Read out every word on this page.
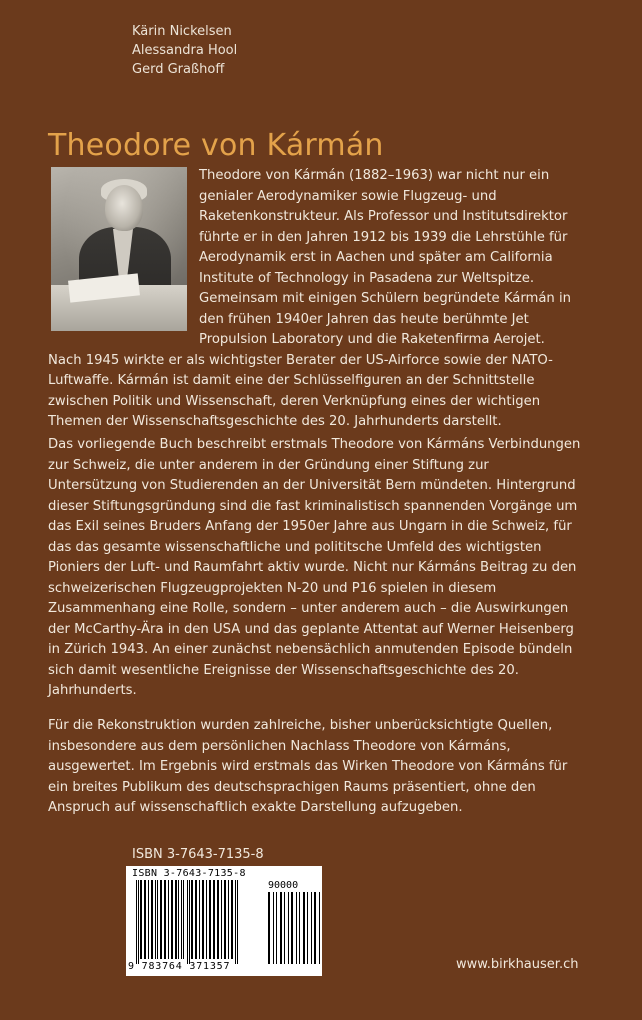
Kärin Nickelsen
Alessandra Hool
Gerd Graßhoff
Theodore von Kármán

Theodore von Kármán (1882–1963) war nicht nur ein genialer Aerodynamiker sowie Flugzeug- und Raketenkonstrukteur. Als Professor und Institutsdirektor führte er in den Jahren 1912 bis 1939 die Lehrstühle für Aerodynamik erst in Aachen und später am California Institute of Technology in Pasadena zur Weltspitze. Gemeinsam mit einigen Schülern begründete Kármán in den frühen 1940er Jahren das heute berühmte Jet Propulsion Laboratory und die Raketenfirma Aerojet. Nach 1945 wirkte er als wichtigster Berater der US-Airforce sowie der NATO-Luftwaffe. Kármán ist damit eine der Schlüsselfiguren an der Schnittstelle zwischen Politik und Wissenschaft, deren Verknüpfung eines der wichtigen Themen der Wissenschaftsgeschichte des 20. Jahrhunderts darstellt.

Das vorliegende Buch beschreibt erstmals Theodore von Kármáns Verbindungen zur Schweiz, die unter anderem in der Gründung einer Stiftung zur Untersützung von Studierenden an der Universität Bern mündeten. Hintergrund dieser Stiftungsgründung sind die fast kriminalistisch spannenden Vorgänge um das Exil seines Bruders Anfang der 1950er Jahre aus Ungarn in die Schweiz, für das das gesamte wissenschaftliche und polititsche Umfeld des wichtigsten Pioniers der Luft- und Raumfahrt aktiv wurde. Nicht nur Kármáns Beitrag zu den schweizerischen Flugzeugprojekten N-20 und P16 spielen in diesem Zusammenhang eine Rolle, sondern – unter anderem auch – die Auswirkungen der McCarthy-Ära in den USA und das geplante Attentat auf Werner Heisenberg in Zürich 1943. An einer zunächst nebensächlich anmutenden Episode bündeln sich damit wesentliche Ereignisse der Wissenschaftsgeschichte des 20. Jahrhunderts.

Für die Rekonstruktion wurden zahlreiche, bisher unberücksichtigte Quellen, insbesondere aus dem persönlichen Nachlass Theodore von Kármáns, ausgewertet. Im Ergebnis wird erstmals das Wirken Theodore von Kármáns für ein breites Publikum des deutschsprachigen Raums präsentiert, ohne den Anspruch auf wissenschaftlich exakte Darstellung aufzugeben.

ISBN 3-7643-7135-8
ISBN 3-7643-7135-8
90000
9 783764 371357	www.birkhauser.ch
